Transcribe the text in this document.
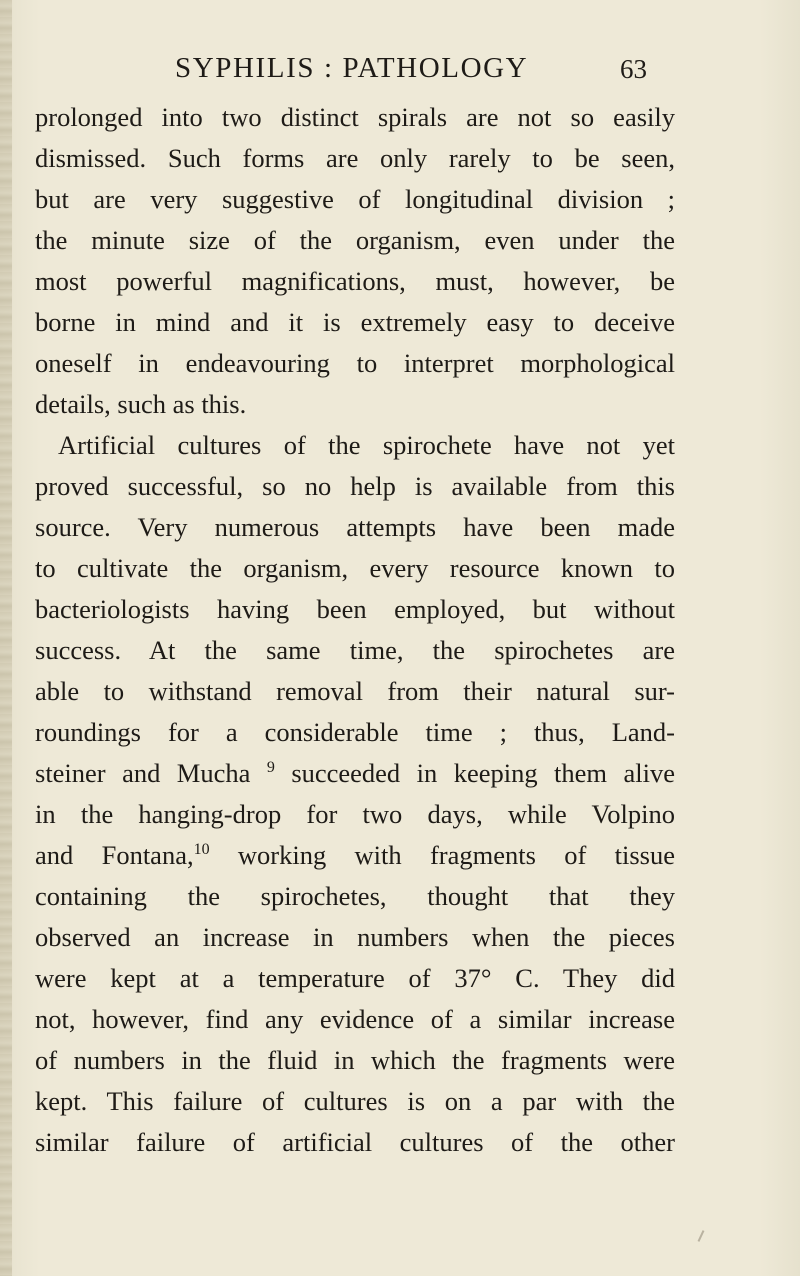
SYPHILIS : PATHOLOGY	63
prolonged into two distinct spirals are not so easily
dismissed. Such forms are only rarely to be seen,
but are very suggestive of longitudinal division ;
the minute size of the organism, even under the
most powerful magnifications, must, however, be
borne in mind and it is extremely easy to deceive
oneself in endeavouring to interpret morphological
details, such as this.
Artificial cultures of the spirochete have not yet
proved successful, so no help is available from this
source. Very numerous attempts have been made
to cultivate the organism, every resource known to
bacteriologists having been employed, but without
success. At the same time, the spirochetes are
able to withstand removal from their natural sur-
roundings for a considerable time ; thus, Land-
steiner and Mucha $^9$ succeeded in keeping them alive
in the hanging-drop for two days, while Volpino
and Fontana,$^{10}$ working with fragments of tissue
containing the spirochetes, thought that they
observed an increase in numbers when the pieces
were kept at a temperature of 37° C. They did
not, however, find any evidence of a similar increase
of numbers in the fluid in which the fragments were
kept. This failure of cultures is on a par with the
similar failure of artificial cultures of the other
